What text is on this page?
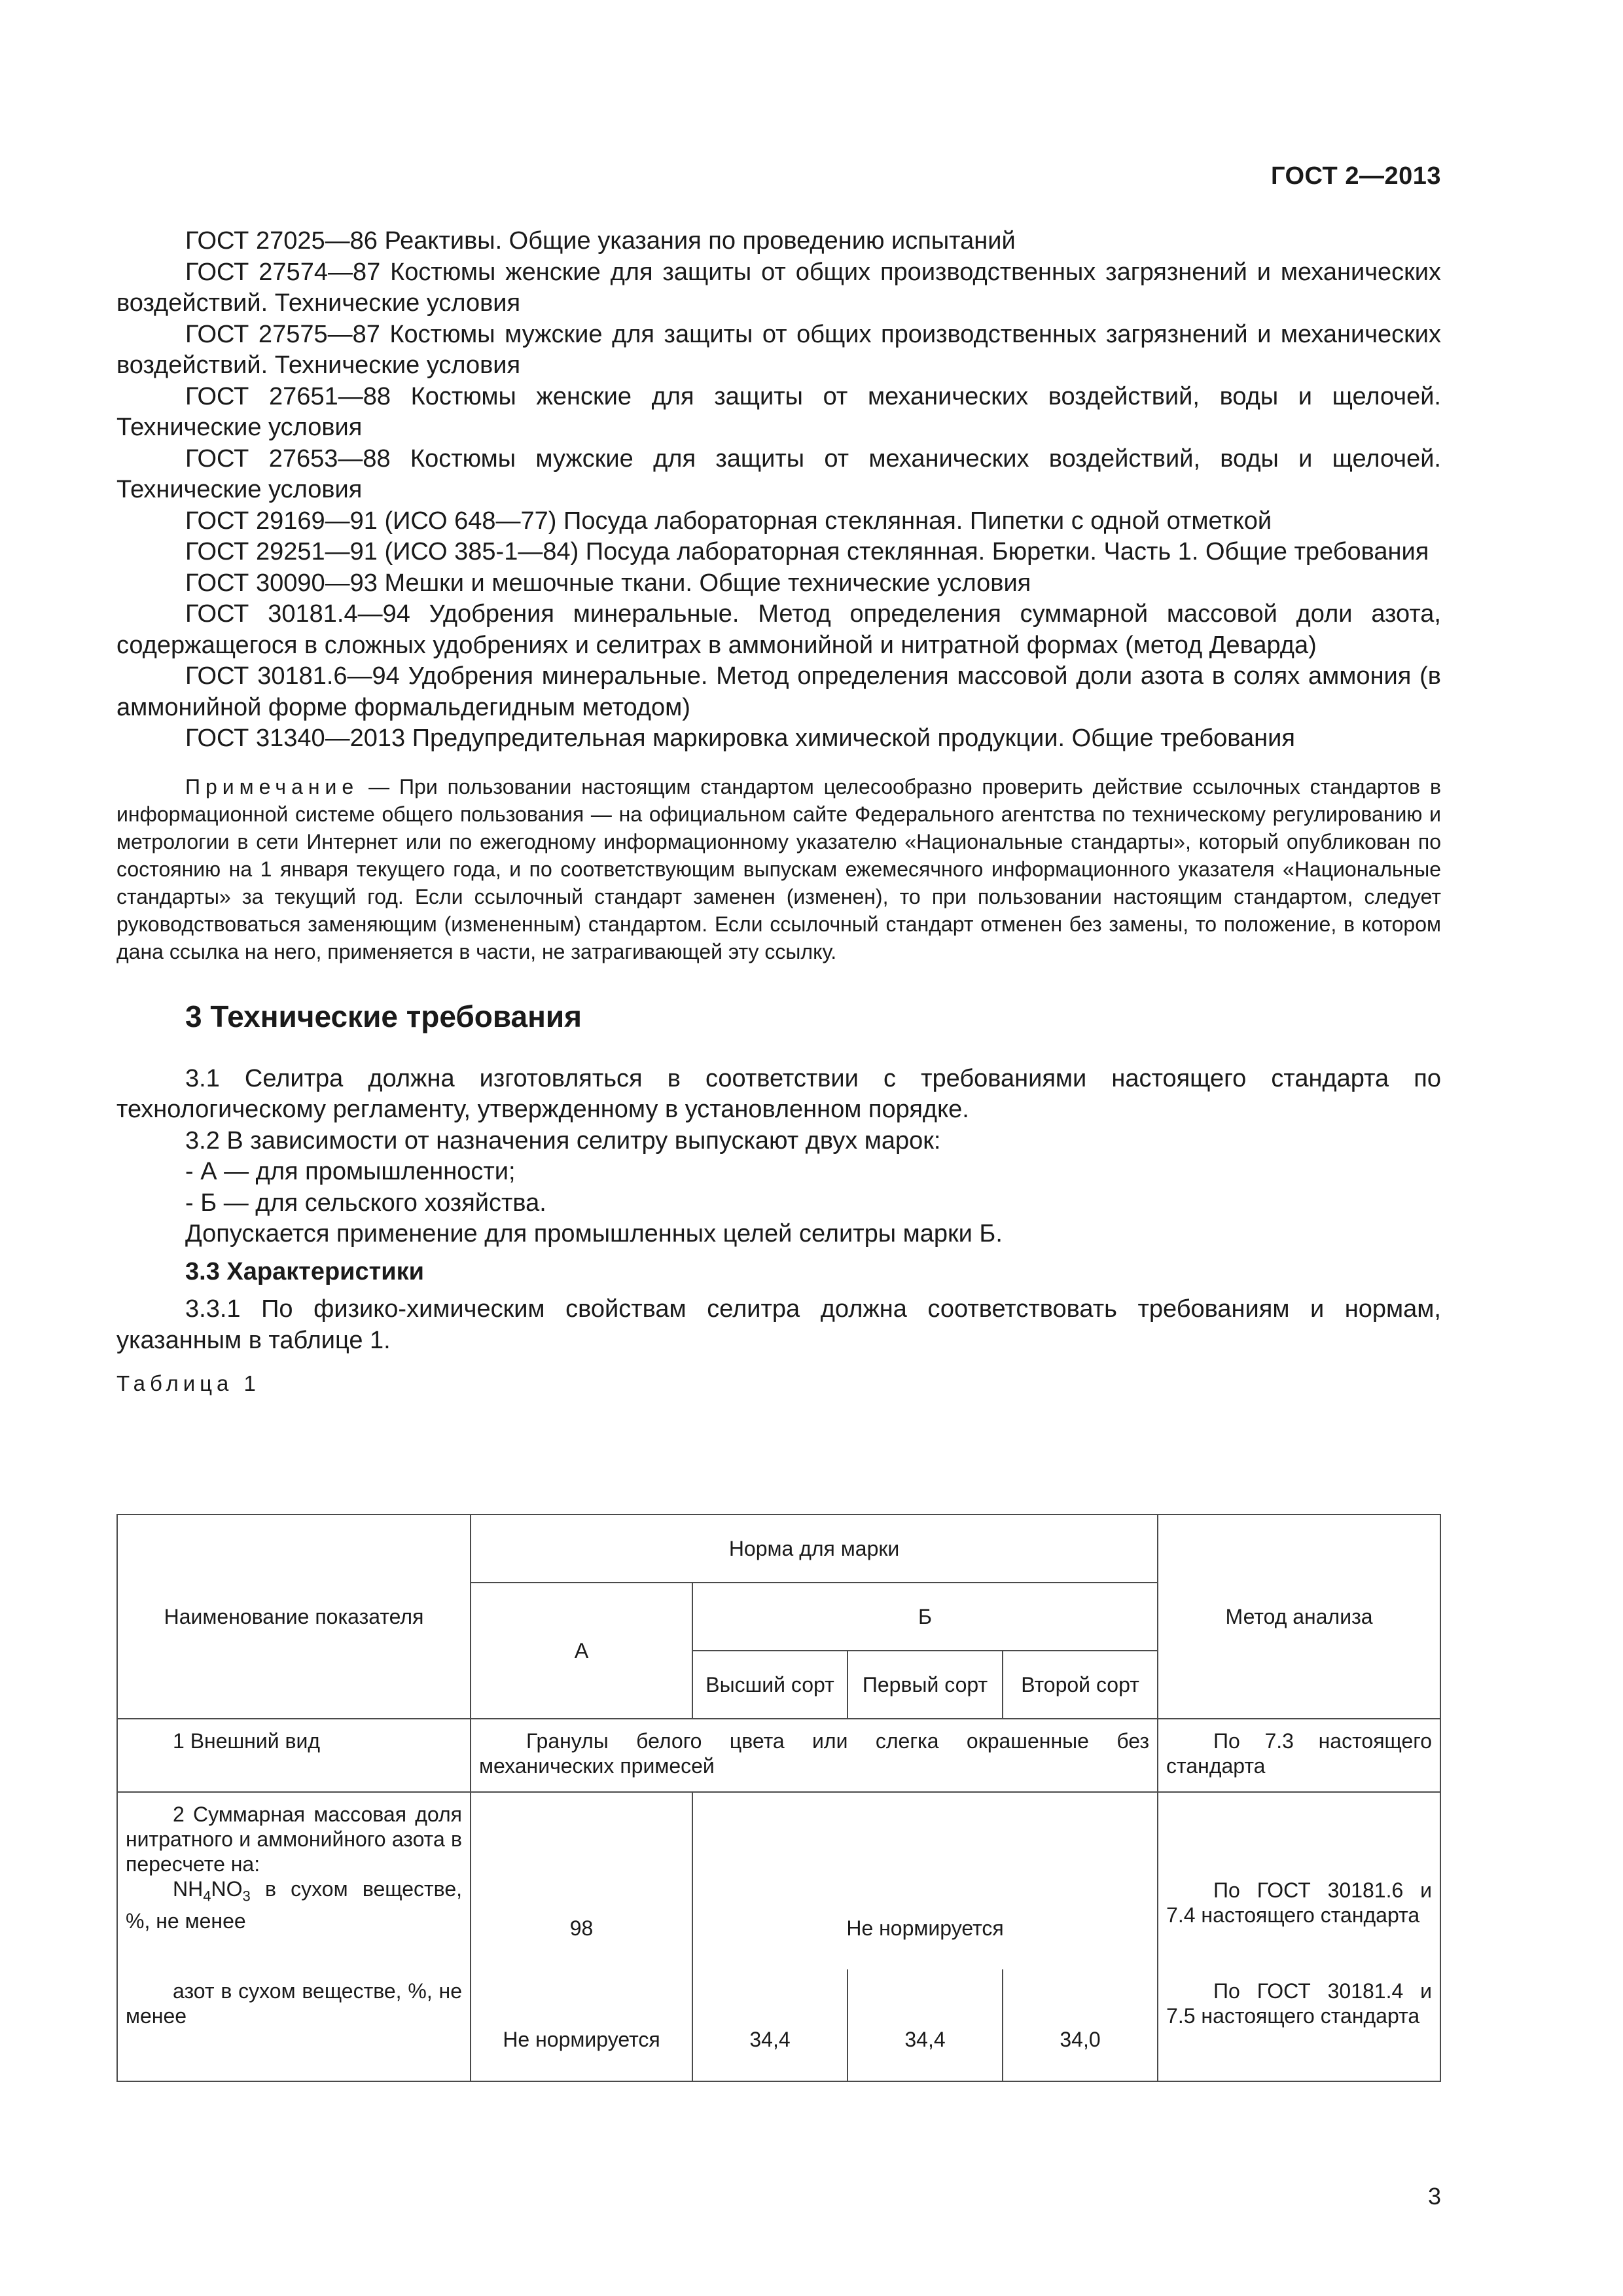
ГОСТ 2—2013

ГОСТ 27025—86 Реактивы. Общие указания по проведению испытаний

ГОСТ 27574—87 Костюмы женские для защиты от общих производственных загрязнений и механических воздействий. Технические условия

ГОСТ 27575—87 Костюмы мужские для защиты от общих производственных загрязнений и механических воздействий. Технические условия

ГОСТ 27651—88 Костюмы женские для защиты от механических воздействий, воды и щелочей. Технические условия

ГОСТ 27653—88 Костюмы мужские для защиты от механических воздействий, воды и щелочей. Технические условия

ГОСТ 29169—91 (ИСО 648—77) Посуда лабораторная стеклянная. Пипетки с одной отметкой

ГОСТ 29251—91 (ИСО 385-1—84) Посуда лабораторная стеклянная. Бюретки. Часть 1. Общие требования

ГОСТ 30090—93 Мешки и мешочные ткани. Общие технические условия

ГОСТ 30181.4—94 Удобрения минеральные. Метод определения суммарной массовой доли азота, содержащегося в сложных удобрениях и селитрах в аммонийной и нитратной формах (метод Деварда)

ГОСТ 30181.6—94 Удобрения минеральные. Метод определения массовой доли азота в солях аммония (в аммонийной форме формальдегидным методом)

ГОСТ 31340—2013 Предупредительная маркировка химической продукции. Общие требования

Примечание — При пользовании настоящим стандартом целесообразно проверить действие ссылочных стандартов в информационной системе общего пользования — на официальном сайте Федерального агентства по техническому регулированию и метрологии в сети Интернет или по ежегодному информационному указателю «Национальные стандарты», который опубликован по состоянию на 1 января текущего года, и по соответствующим выпускам ежемесячного информационного указателя «Национальные стандарты» за текущий год. Если ссылочный стандарт заменен (изменен), то при пользовании настоящим стандартом, следует руководствоваться заменяющим (измененным) стандартом. Если ссылочный стандарт отменен без замены, то положение, в котором дана ссылка на него, применяется в части, не затрагивающей эту ссылку.

3 Технические требования

3.1 Селитра должна изготовляться в соответствии с требованиями настоящего стандарта по технологическому регламенту, утвержденному в установленном порядке.

3.2 В зависимости от назначения селитру выпускают двух марок:

- А — для промышленности;

- Б — для сельского хозяйства.

Допускается применение для промышленных целей селитры марки Б.

3.3 Характеристики

3.3.1 По физико-химическим свойствам селитра должна соответствовать требованиям и нормам, указанным в таблице 1.

Таблица 1

Наименование показателя	Норма для марки				Метод анализа
	А	Б			
		Высший сорт	Первый сорт	Второй сорт	
1 Внешний вид	Гранулы белого цвета или слегка окрашенные без механических примесей				По 7.3 настоящего стандарта

2 Суммарная массовая доля нитратного и аммонийного азота в пересчете на:
$NH_4NO_3$ в сухом веществе, %, не менее	98	Не нормируется			По ГОСТ 30181.6 и 7.4 настоящего стандарта

азот в сухом веществе, %, не менее	Не нормируется	34,4	34,4	34,0	По ГОСТ 30181.4 и 7.5 настоящего стандарта
3
